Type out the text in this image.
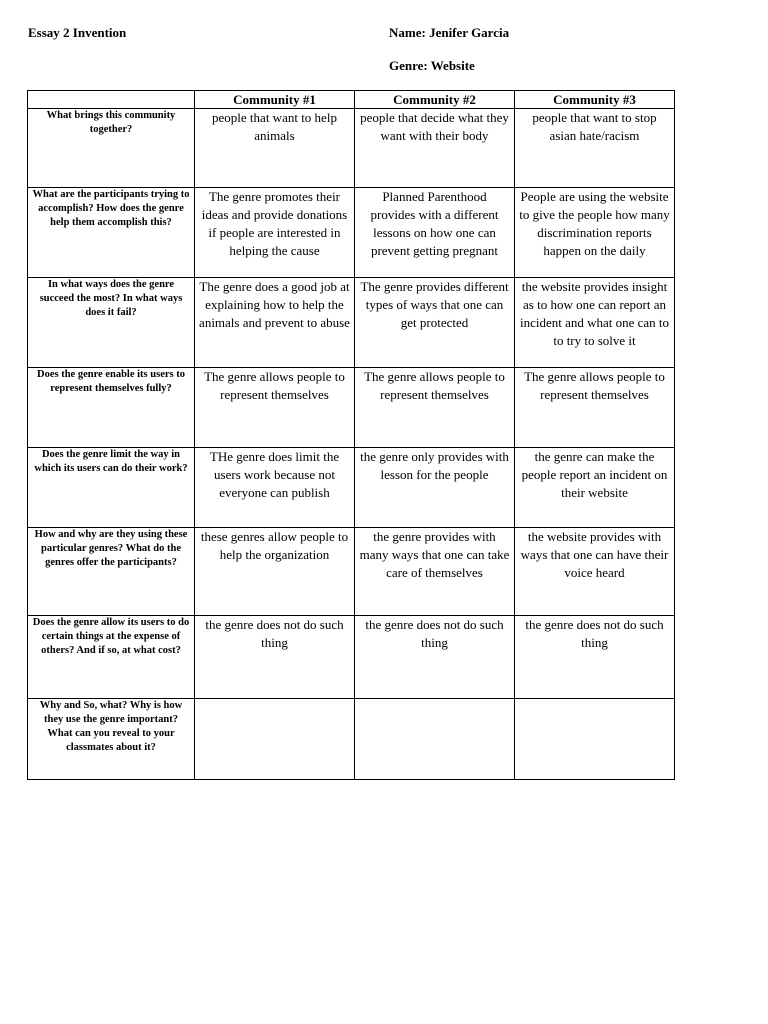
Essay 2 Invention	Name: Jenifer Garcia
Genre: Website
	Community #1	Community #2	Community #3
What brings this community together?	people that want to help animals	people that decide what they want with their body	people that want to stop asian hate/racism
What are the participants trying to accomplish? How does the genre help them accomplish this?	The genre promotes their ideas and provide donations if people are interested in helping the cause	Planned Parenthood provides with a different lessons on how one can prevent getting pregnant	People are using the website to give the people how many discrimination reports happen on the daily
In what ways does the genre succeed the most? In what ways does it fail?	The genre does a good job at explaining how to help the animals and prevent to abuse	The genre provides different types of ways that one can get protected	the website provides insight as to how one can report an incident and what one can to to try to solve it
Does the genre enable its users to represent themselves fully?	The genre allows people to represent themselves	The genre allows people to represent themselves	The genre allows people to represent themselves
Does the genre limit the way in which its users can do their work?	THe genre does limit the users work because not everyone can publish	the genre only provides with lesson for the people	the genre can make the people report an incident on their website
How and why are they using these particular genres? What do the genres offer the participants?	these genres allow people to help the organization	the genre provides with many ways that one can take care of themselves	the website provides with ways that one can have their voice heard
Does the genre allow its users to do certain things at the expense of others? And if so, at what cost?	the genre does not do such thing	the genre does not do such thing	the genre does not do such thing
Why and So, what? Why is how they use the genre important? What can you reveal to your classmates about it?			
